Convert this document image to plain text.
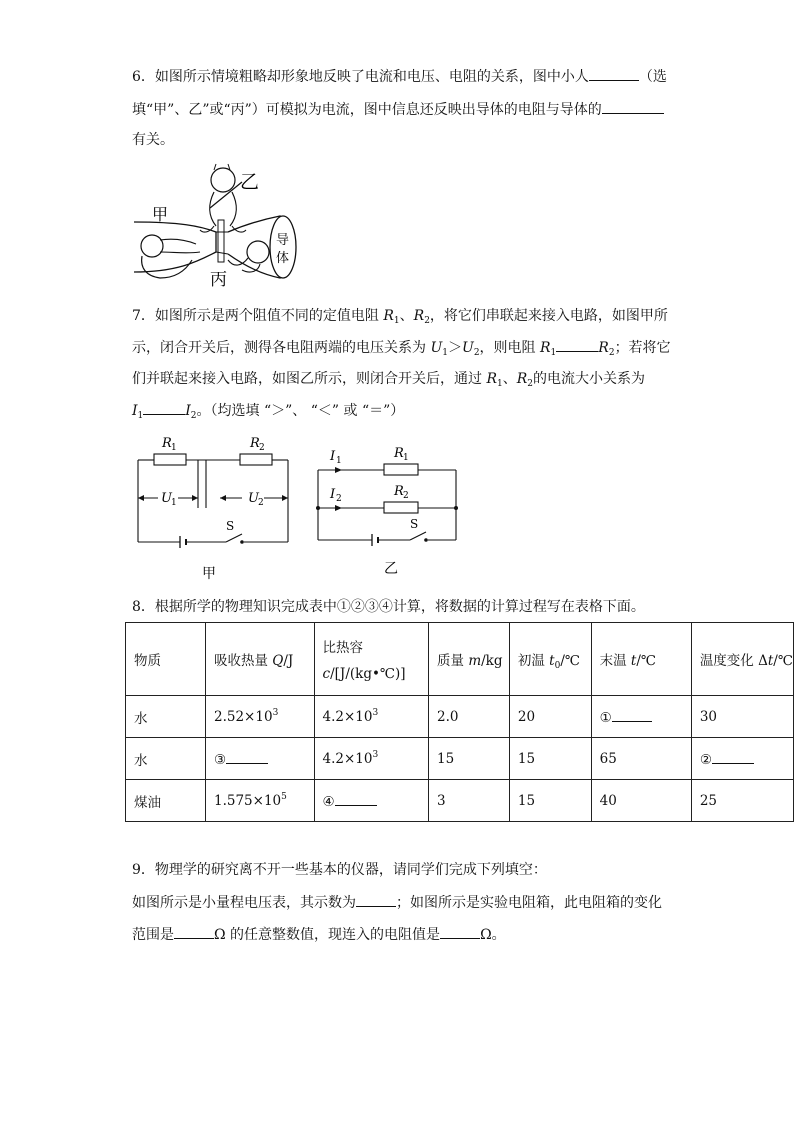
6．如图所示情境粗略却形象地反映了电流和电压、电阻的关系，图中小人	（选
填“甲”、乙”或“丙”）可模拟为电流，图中信息还反映出导体的电阻与导体的
有关。
乙
甲
丙
导
体
7．如图所示是两个阻值不同的定值电阻 $R_1$、$R_2$，将它们串联起来接入电路，如图甲所
示，闭合开关后，测得各电阻两端的电压关系为 $U_1>U_2$，则电阻 $R_1$	$R_2$；若将它
们并联起来接入电路，如图乙所示，则闭合开关后，通过 $R_1$、$R_2$的电流大小关系为
$I_1$	$I_2$。（均选填 “＞”、 “＜” 或 “＝”）
R 1	R 2
U 1	U 2
S
甲
I 1
I 2
R 1
R 2
S
乙
8．根据所学的物理知识完成表中①②③④计算，将数据的计算过程写在表格下面。
物质	吸收热量 Q/J	比热容
c/[J/(kg•℃)]	质量 m/kg	初温 $t_0/℃$	末温 t/℃	温度变化 Δt/℃
水	$2.52\times 10^3$	$4.2\times 10^3$	2.0	20	①	30
水	③	$4.2\times 10^3$	15	15	65	②
煤油	$1.575\times 10^5$	④	3	15	40	25
9．物理学的研究离不开一些基本的仪器，请同学们完成下列填空：
如图所示是小量程电压表，其示数为	；如图所示是实验电阻箱，此电阻箱的变化
范围是	Ω 的任意整数值，现连入的电阻值是	Ω。
